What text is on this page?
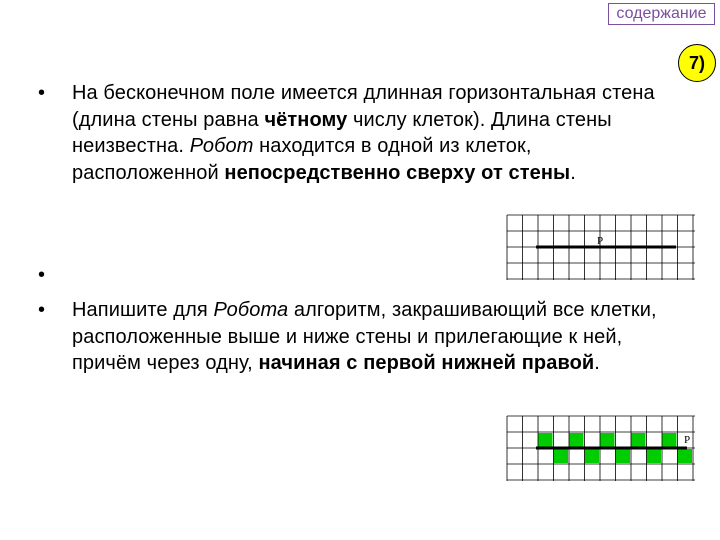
содержание
7)
• На бесконечном поле имеется длинная горизонтальная стена (длина стены равна чётному числу клеток). Длина стены неизвестна. Робот находится в одной из клеток, расположенной непосредственно сверху от стены.
•
• Напишите для Робота алгоритм, закрашивающий все клетки, расположенные выше и ниже стены и прилегающие к ней, причём через одну, начиная с первой нижней правой.
Р
Р
